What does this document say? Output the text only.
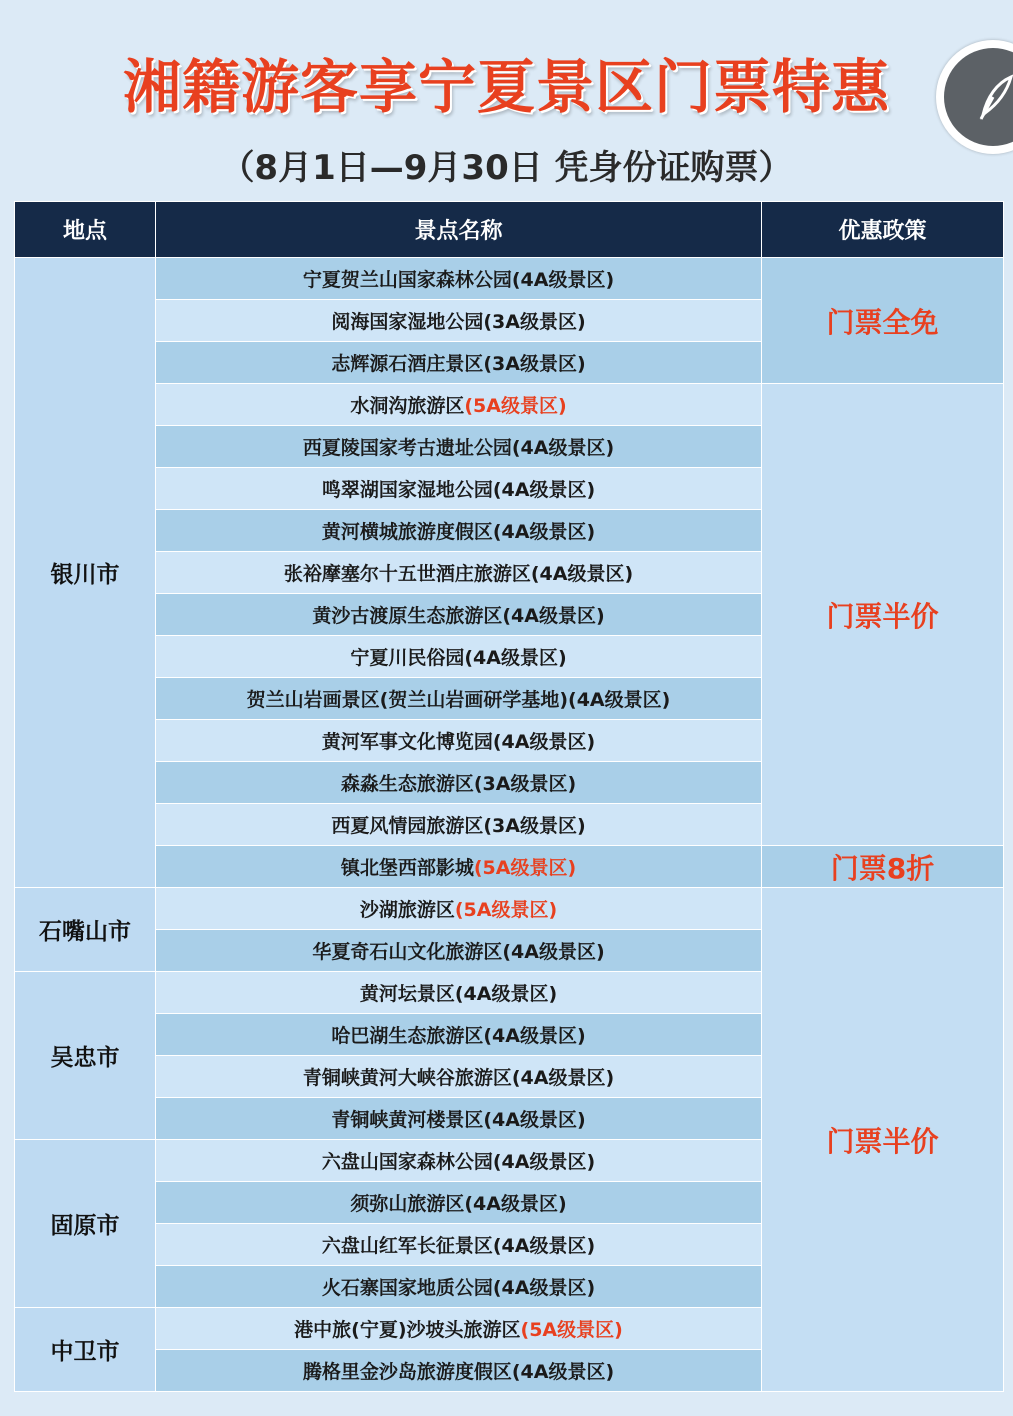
湘籍游客享宁夏景区门票特惠
（8月1日—9月30日 凭身份证购票）
地点	景点名称	优惠政策
银川市	宁夏贺兰山国家森林公园(4A级景区)	门票全免
	阅海国家湿地公园(3A级景区)	
	志辉源石酒庄景区(3A级景区)	
	水洞沟旅游区(5A级景区)	门票半价
	西夏陵国家考古遗址公园(4A级景区)	
	鸣翠湖国家湿地公园(4A级景区)	
	黄河横城旅游度假区(4A级景区)	
	张裕摩塞尔十五世酒庄旅游区(4A级景区)	
	黄沙古渡原生态旅游区(4A级景区)	
	宁夏川民俗园(4A级景区)	
	贺兰山岩画景区(贺兰山岩画研学基地)(4A级景区)	
	黄河军事文化博览园(4A级景区)	
	森淼生态旅游区(3A级景区)	
	西夏风情园旅游区(3A级景区)	
	镇北堡西部影城(5A级景区)	门票8折
石嘴山市	沙湖旅游区(5A级景区)	门票半价
	华夏奇石山文化旅游区(4A级景区)	
吴忠市	黄河坛景区(4A级景区)	
	哈巴湖生态旅游区(4A级景区)	
	青铜峡黄河大峡谷旅游区(4A级景区)	
	青铜峡黄河楼景区(4A级景区)	
固原市	六盘山国家森林公园(4A级景区)	
	须弥山旅游区(4A级景区)	
	六盘山红军长征景区(4A级景区)	
	火石寨国家地质公园(4A级景区)	
中卫市	港中旅(宁夏)沙坡头旅游区(5A级景区)	
	腾格里金沙岛旅游度假区(4A级景区)	
